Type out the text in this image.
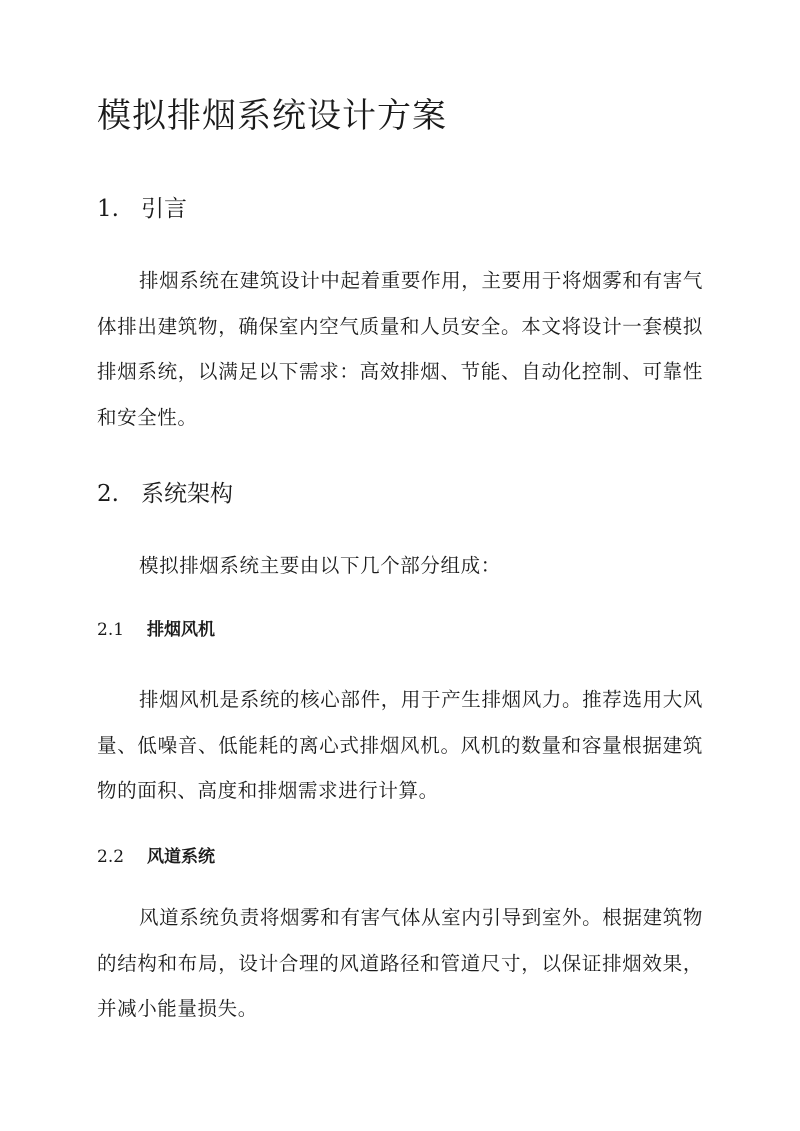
模拟排烟系统设计方案
1. 引言

排烟系统在建筑设计中起着重要作用，主要用于将烟雾和有害气体排出建筑物，确保室内空气质量和人员安全。本文将设计一套模拟排烟系统，以满足以下需求：高效排烟、节能、自动化控制、可靠性和安全性。

2. 系统架构

模拟排烟系统主要由以下几个部分组成：

2.1 排烟风机

排烟风机是系统的核心部件，用于产生排烟风力。推荐选用大风量、低噪音、低能耗的离心式排烟风机。风机的数量和容量根据建筑物的面积、高度和排烟需求进行计算。

2.2 风道系统

风道系统负责将烟雾和有害气体从室内引导到室外。根据建筑物的结构和布局，设计合理的风道路径和管道尺寸，以保证排烟效果，并减小能量损失。
